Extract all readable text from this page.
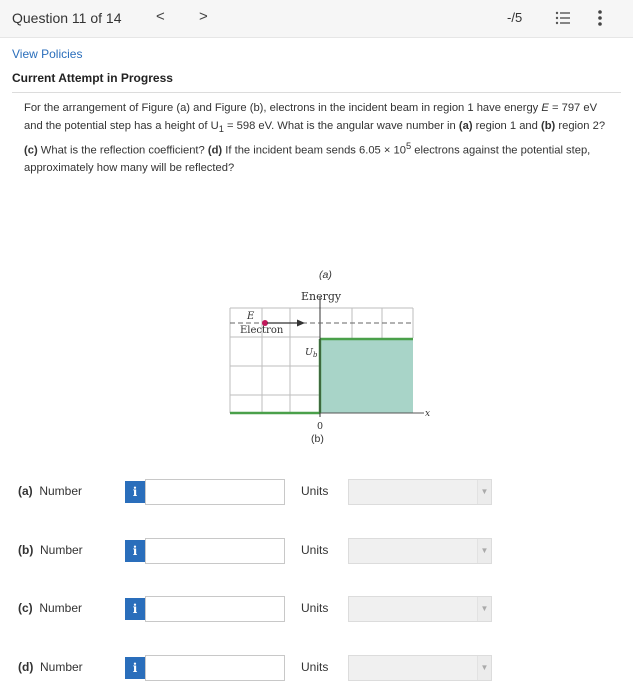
Question 11 of 14 < >	-/5
View Policies
Current Attempt in Progress

For the arrangement of Figure (a) and Figure (b), electrons in the incident beam in region 1 have energy E = 797 eV and the potential step has a height of $U_1 = 598$ eV. What is the angular wave number in (a) region 1 and (b) region 2? (c) What is the reflection coefficient? (d) If the incident beam sends $6.05 \times 10^5$ electrons against the potential step, approximately how many will be reflected?

(a)
Energy
E
Electron
$U_b$
0
x
(b)
(a) Number	i	Units	▼
(b) Number	i	Units	▼
(c) Number	i	Units	▼
(d) Number	i	Units	▼
